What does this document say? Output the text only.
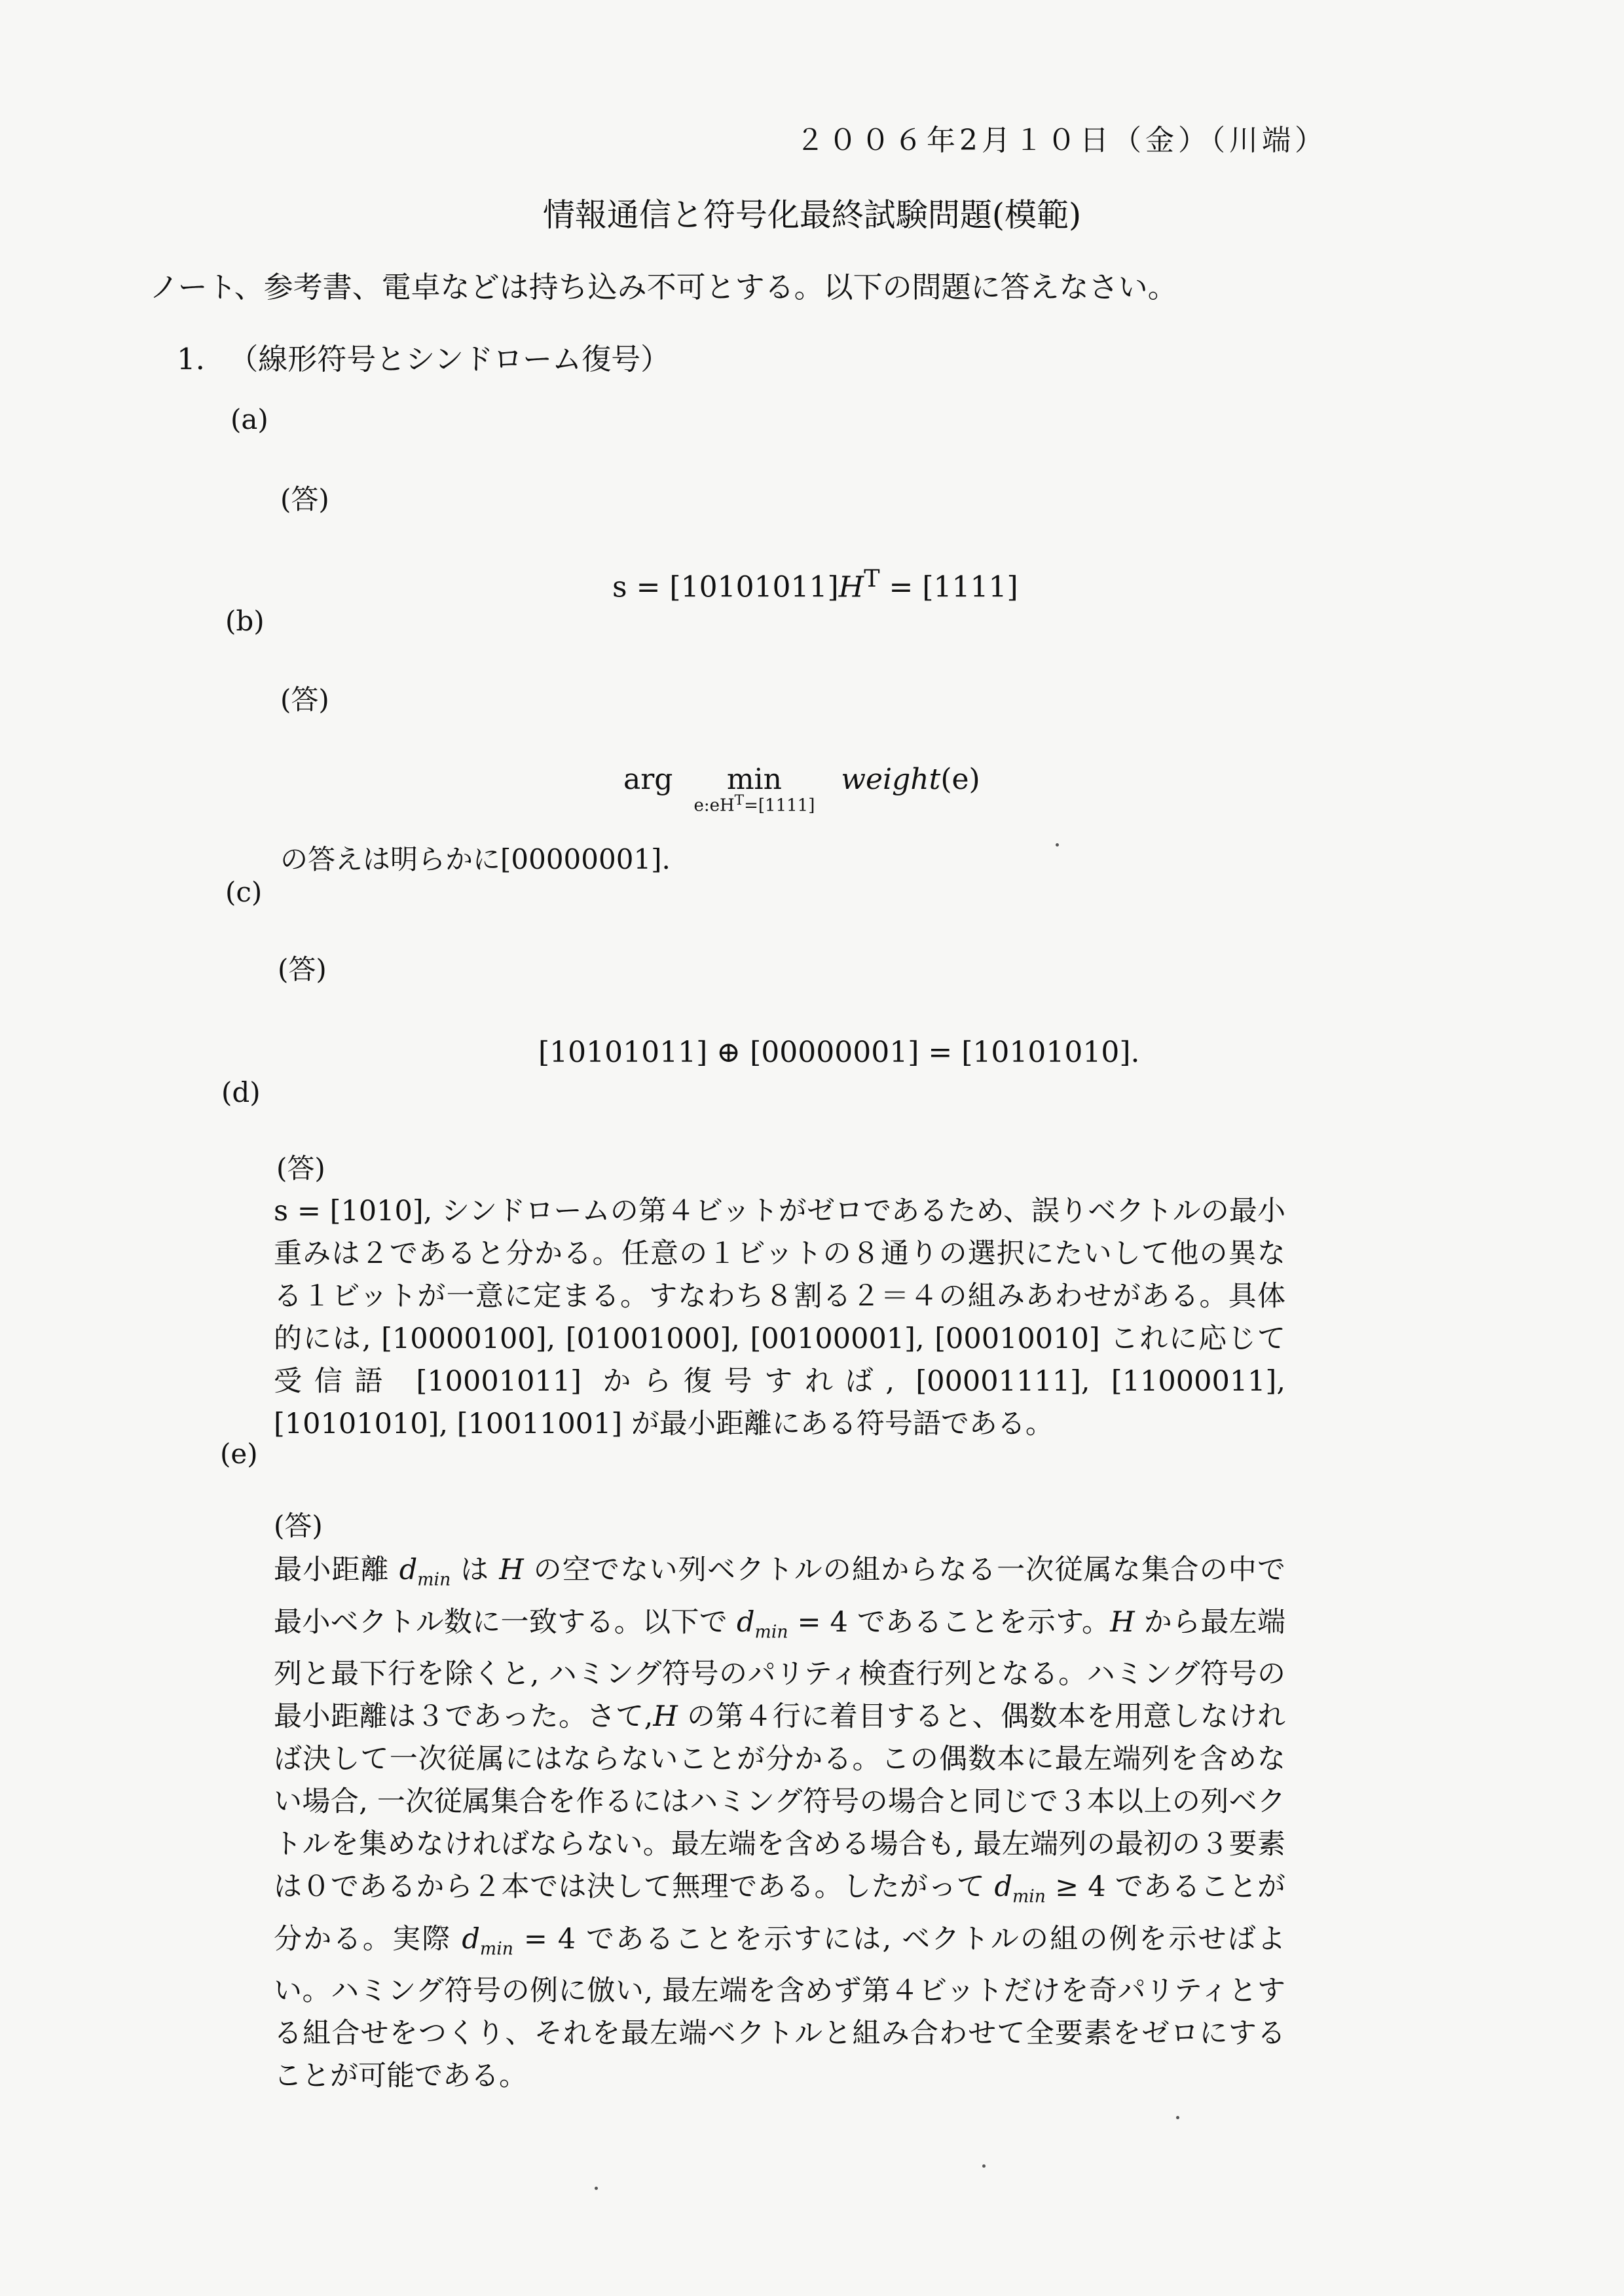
２００６年2月１０日（金）（川端）
情報通信と符号化最終試験問題(模範)
ノート、参考書、電卓などは持ち込み不可とする。以下の問題に答えなさい。
1. （線形符号とシンドローム復号）
(a)
(答)
$s = [10101011]H^T = [1111]$
(b)
(答)
arg min
$e:eH^T=[1111]$
weight(e)
の答えは明らかに[00000001].
(c)
(答)
[10101011] ⊕ [00000001] = [10101010].
(d)
(答)
s = [1010], シンドロームの第４ビットがゼロであるため、誤りベクトルの最小重みは２であると分かる。任意の１ビットの８通りの選択にたいして他の異なる１ビットが一意に定まる。すなわち８割る２＝４の組みあわせがある。具体的には, [10000100], [01001000], [00100001], [00010010] これに応じて受信語 [10001011] から復号すれば, [00001111], [11000011], [10101010], [10011001] が最小距離にある符号語である。
(e)
(答)
最小距離 $d_{min}$ は H の空でない列ベクトルの組からなる一次従属な集合の中で最小ベクトル数に一致する。以下で $d_{min} = 4$ であることを示す。H から最左端列と最下行を除くと, ハミング符号のパリティ検査行列となる。ハミング符号の最小距離は３であった。さて,H の第４行に着目すると、偶数本を用意しなければ決して一次従属にはならないことが分かる。この偶数本に最左端列を含めない場合, 一次従属集合を作るにはハミング符号の場合と同じで３本以上の列ベクトルを集めなければならない。最左端を含める場合も, 最左端列の最初の３要素は０であるから２本では決して無理である。したがって $d_{min} \ge 4$ であることが分かる。実際 $d_{min} = 4$ であることを示すには, ベクトルの組の例を示せばよい。ハミング符号の例に倣い, 最左端を含めず第４ビットだけを奇パリティとする組合せをつくり、それを最左端ベクトルと組み合わせて全要素をゼロにすることが可能である。
